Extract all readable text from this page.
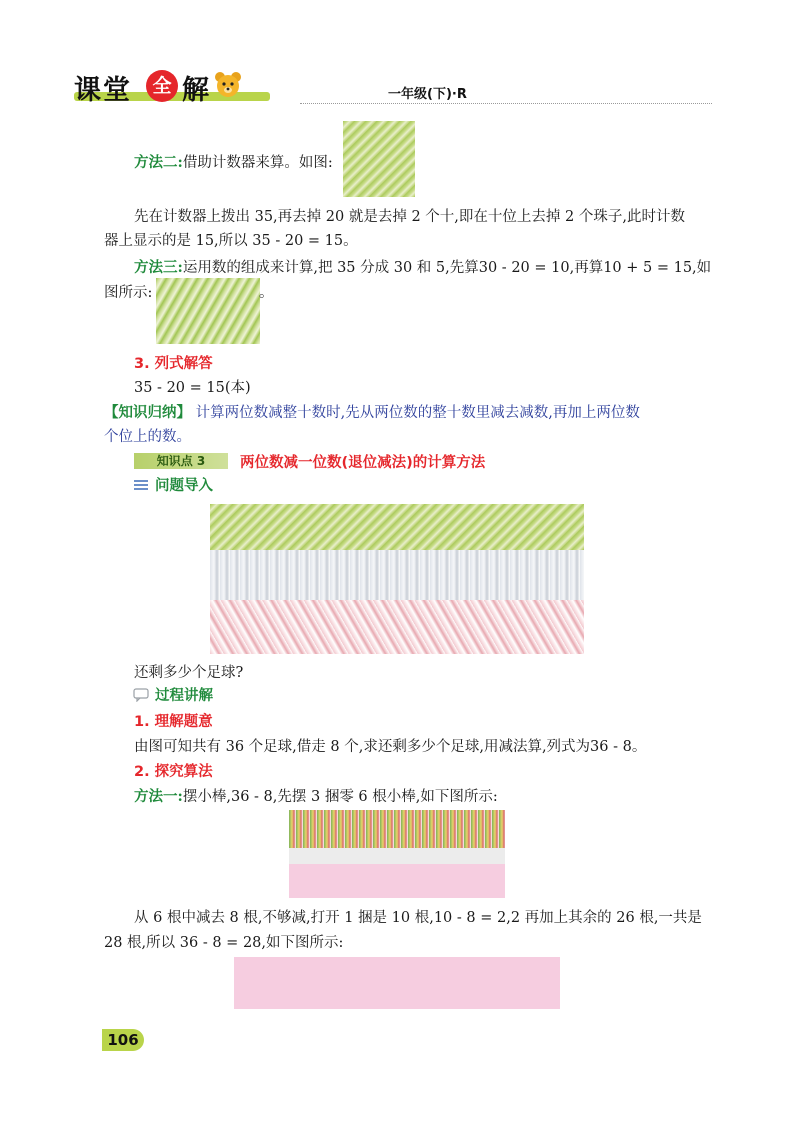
课堂	全 解	一年级(下)·R
方法二:借助计数器来算。如图:
先在计数器上拨出 35,再去掉 20 就是去掉 2 个十,即在十位上去掉 2 个珠子,此时计数
器上显示的是 15,所以 35 - 20 = 15。
方法三:运用数的组成来计算,把 35 分成 30 和 5,先算30 - 20 = 10,再算10 + 5 = 15,如
图所示:	。
3. 列式解答
35 - 20 = 15(本)
【知识归纳】 计算两位数减整十数时,先从两位数的整十数里减去减数,再加上两位数
个位上的数。
知识点 3	两位数减一位数(退位减法)的计算方法
问题导入
还剩多少个足球?
过程讲解
1. 理解题意
由图可知共有 36 个足球,借走 8 个,求还剩多少个足球,用减法算,列式为36 - 8。
2. 探究算法
方法一:摆小棒,36 - 8,先摆 3 捆零 6 根小棒,如下图所示:
从 6 根中减去 8 根,不够减,打开 1 捆是 10 根,10 - 8 = 2,2 再加上其余的 26 根,一共是
28 根,所以 36 - 8 = 28,如下图所示:
106
